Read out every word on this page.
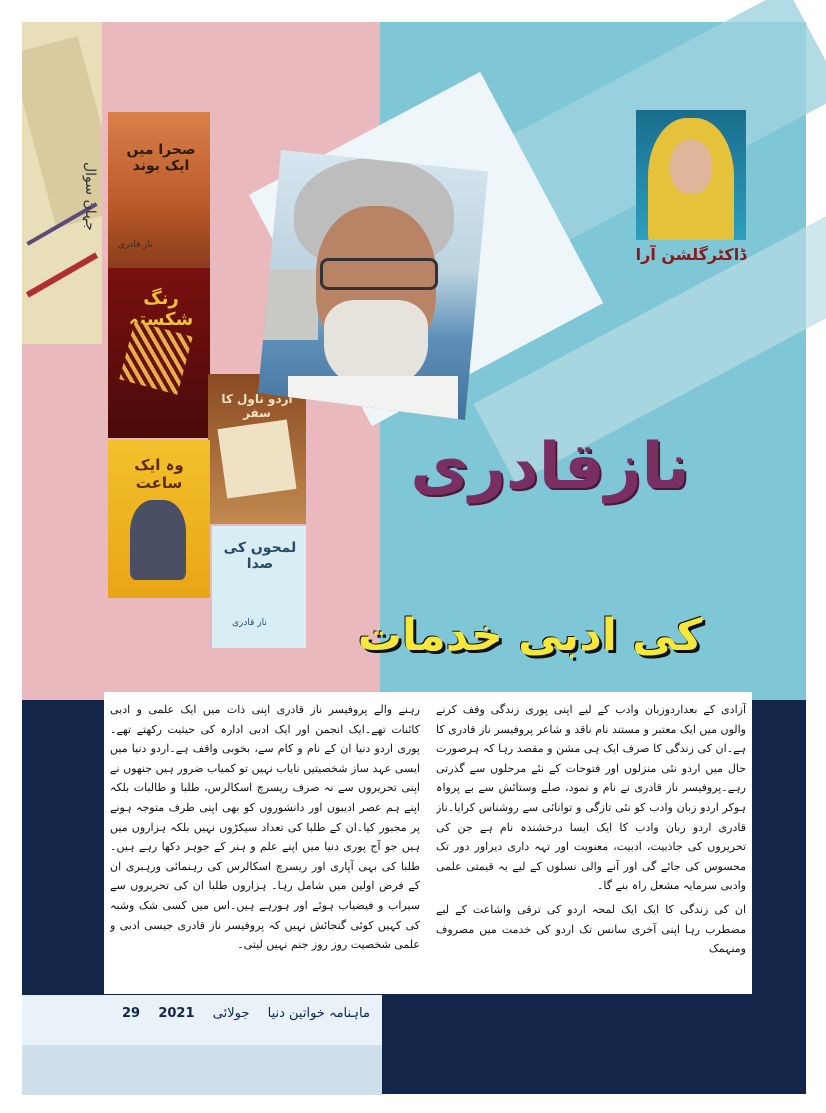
جہان سوال
صحرا میں ایک بوند
ناز قادری
رنگ شکستہ
اردو ناول کا سفر
وہ ایک ساعت
لمحوں کی صدا
ناز قادری
ڈاکٹرگلشن آرا
نازقادری
کی ادبی خدمات

آزادی کے بعداردوزبان وادب کے لیے اپنی پوری زندگی وقف کرنے والوں میں ایک معتبر و مستند نام ناقد و شاعر پروفیسر ناز قادری کا ہے۔ان کی زندگی کا صرف ایک ہی مشن و مقصد رہا کہ ہرصورت حال میں اردو نئی منزلوں اور فتوحات کے نئے مرحلوں سے گذرتی رہے۔پروفیسر ناز قادری نے نام و نمود، صلے وستائش سے بے پرواہ ہوکر اردو زبان وادب کو نئی تازگی و توانائی سے روشناس کرایا۔ناز قادری اردو زبان وادب کا ایک ایسا درخشندہ نام ہے جن کی تحریروں کی جاذبیت، ادبیت، معنویت اور تہہ داری دیراور دور تک محسوس کی جائے گی اور آنے والی نسلوں کے لیے یہ قیمتی علمی وادبی سرمایہ مشعل راہ بنے گا۔

ان کی زندگی کا ایک ایک لمحہ اردو کی ترقی واشاعت کے لیے مضطرب رہا اپنی آخری سانس تک اردو کی خدمت میں مصروف ومنہمک

رہنے والے پروفیسر ناز قادری اپنی ذات میں ایک علمی و ادبی کائنات تھے۔ایک انجمن اور ایک ادبی ادارہ کی حیثیت رکھتے تھے۔پوری اردو دنیا ان کے نام و کام سے، بخوبی واقف ہے۔اردو دنیا میں ایسی عہد ساز شخصیتیں نایاب نہیں تو کمیاب ضرور ہیں جنھوں نے اپنی تحریروں سے نہ صرف ریسرچ اسکالرس، طلبا و طالبات بلکہ اپنے ہم عصر ادیبوں اور دانشوروں کو بھی اپنی طرف متوجہ ہونے پر مجبور کیا۔ان کے طلبا کی تعداد سیکڑوں نہیں بلکہ ہزاروں میں ہیں جو آج پوری دنیا میں اپنے علم و ہنر کے جوہر دکھا رہے ہیں۔طلبا کی بہی آپاری اور ریسرچ اسکالرس کی رہنمائی ورہبری ان کے فرض اولین میں شامل رہا۔ ہزاروں طلبا ان کی تحریروں سے سیراب و فیضیاب ہوئے اور ہورہے ہیں۔اس میں کسی شک وشبہ کی کہیں کوئی گنجائش نہیں کہ پروفیسر ناز قادری جیسی ادبی و علمی شخصیت روز روز جنم نہیں لیتی۔

29 2021 جولائی ماہنامہ خواتین دنیا
